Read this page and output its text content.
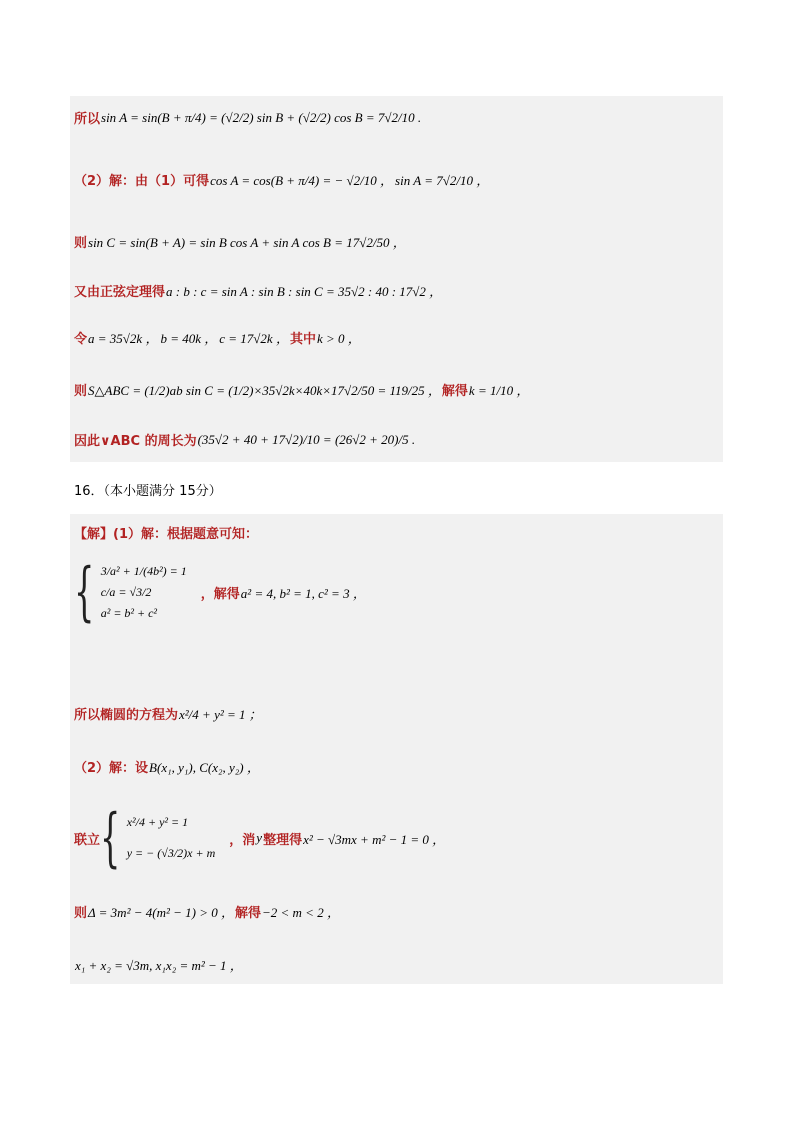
所以 sin A = sin(B + π/4) = (√2/2) sin B + (√2/2) cos B = 7√2/10 .
（2）解：由（1）可得 cos A = cos(B + π/4) = − √2/10 ， sin A = 7√2/10 ，
则 sin C = sin(B + A) = sin B cos A + sin A cos B = 17√2/50 ，
又由正弦定理得 a : b : c = sin A : sin B : sin C = 35√2 : 40 : 17√2 ，
令 a = 35√2k ， b = 40k ， c = 17√2k ， 其中 k > 0 ，
则 S△ABC = (1/2)ab sin C = (1/2)×35√2k×40k×17√2/50 = 119/25 ， 解得 k = 1/10 ，
因此∨ABC 的周长为 (35√2 + 40 + 17√2)/10 = (26√2 + 20)/5 .
16．（本小题满分 15分）
【解】(1）解：根据题意可知：
{ 3/a² + 1/(4b²) = 1
c/a = √3/2
a² = b² + c²
，解得 a² = 4, b² = 1, c² = 3 ，
所以椭圆的方程为 x²/4 + y² = 1 ；
（2）解：设 B(x₁, y₁), C(x₂, y₂) ，
联立 { x²/4 + y² = 1
y = − (√3/2)x + m
，消 y 整理得 x² − √3mx + m² − 1 = 0 ，
则 Δ = 3m² − 4(m² − 1) > 0 ， 解得 −2 < m < 2 ，
x₁ + x₂ = √3m, x₁x₂ = m² − 1 ，
